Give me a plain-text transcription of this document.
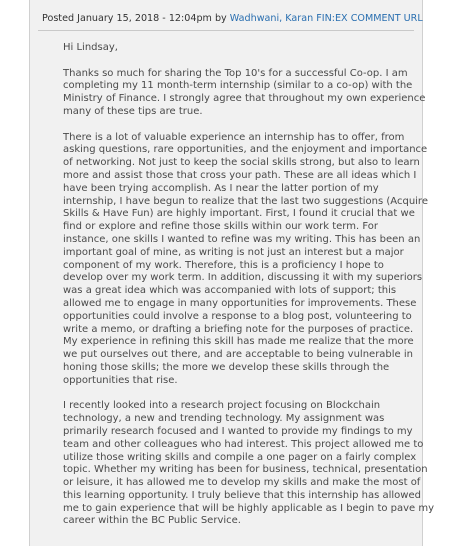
Posted January 15, 2018 - 12:04pm by Wadhwani, Karan FIN:EX COMMENT URL

Hi Lindsay,

Thanks so much for sharing the Top 10's for a successful Co-op. I am
completing my 11 month-term internship (similar to a co-op) with the
Ministry of Finance. I strongly agree that throughout my own experience
many of these tips are true.

There is a lot of valuable experience an internship has to offer, from
asking questions, rare opportunities, and the enjoyment and importance
of networking. Not just to keep the social skills strong, but also to learn
more and assist those that cross your path. These are all ideas which I
have been trying accomplish. As I near the latter portion of my
internship, I have begun to realize that the last two suggestions (Acquire
Skills & Have Fun) are highly important. First, I found it crucial that we
find or explore and refine those skills within our work term. For
instance, one skills I wanted to refine was my writing. This has been an
important goal of mine, as writing is not just an interest but a major
component of my work. Therefore, this is a proficiency I hope to
develop over my work term. In addition, discussing it with my superiors
was a great idea which was accompanied with lots of support; this
allowed me to engage in many opportunities for improvements. These
opportunities could involve a response to a blog post, volunteering to
write a memo, or drafting a briefing note for the purposes of practice.
My experience in refining this skill has made me realize that the more
we put ourselves out there, and are acceptable to being vulnerable in
honing those skills; the more we develop these skills through the
opportunities that rise.

I recently looked into a research project focusing on Blockchain
technology, a new and trending technology. My assignment was
primarily research focused and I wanted to provide my findings to my
team and other colleagues who had interest. This project allowed me to
utilize those writing skills and compile a one pager on a fairly complex
topic. Whether my writing has been for business, technical, presentation
or leisure, it has allowed me to develop my skills and make the most of
this learning opportunity. I truly believe that this internship has allowed
me to gain experience that will be highly applicable as I begin to pave my
career within the BC Public Service.
